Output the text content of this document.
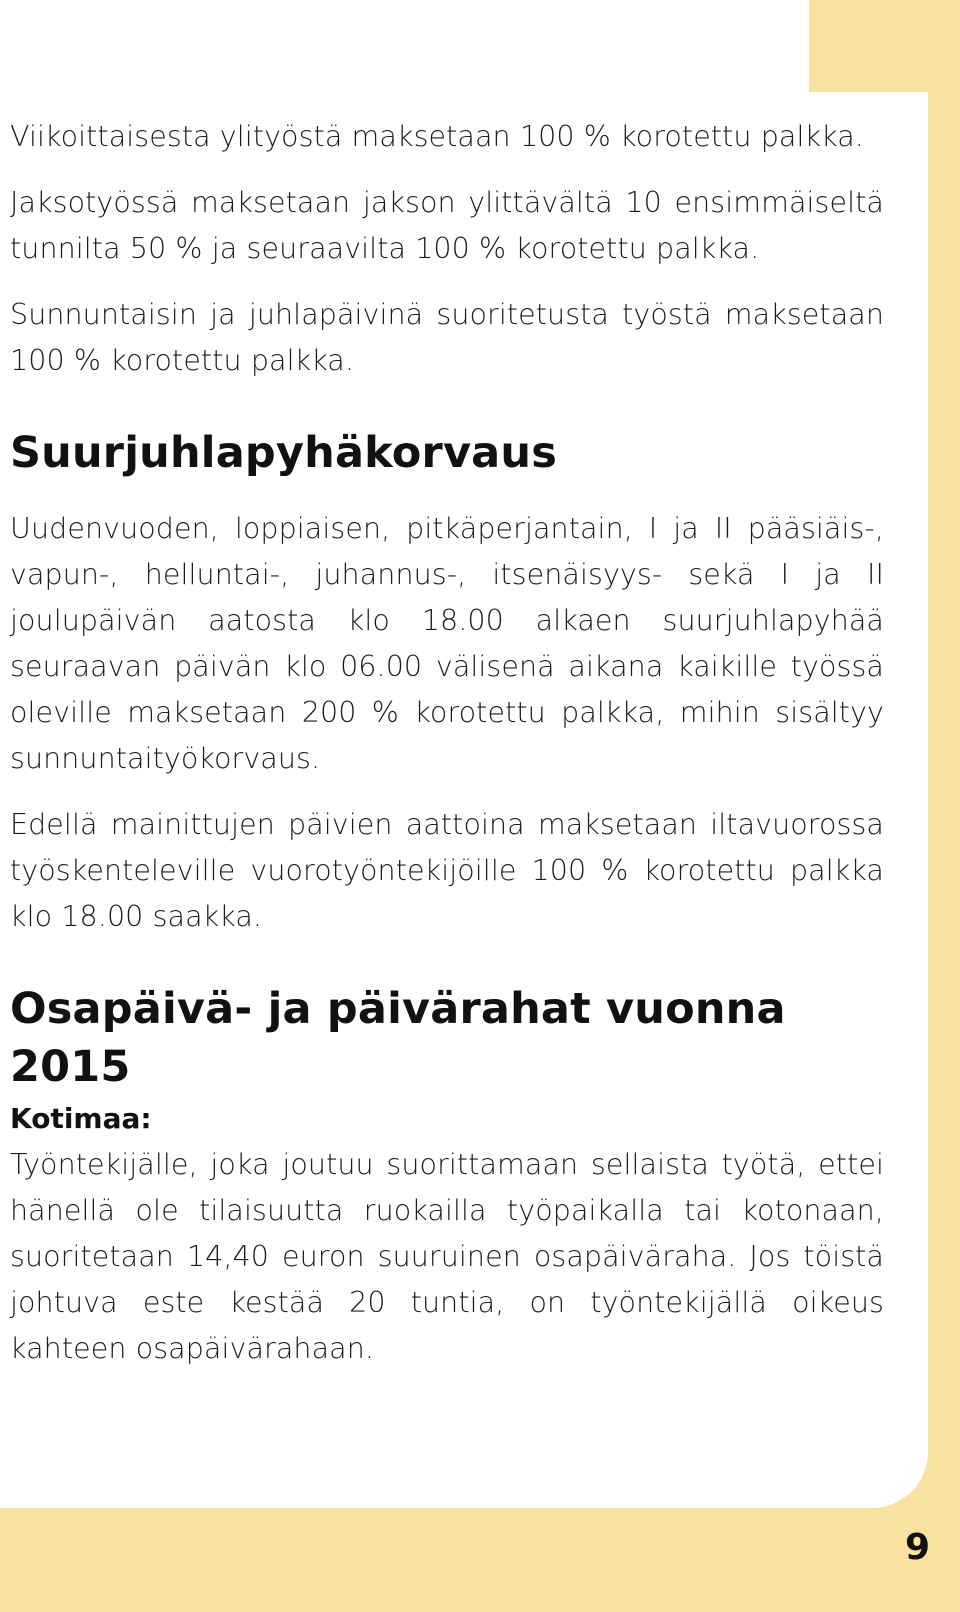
Viikoittaisesta ylityöstä maksetaan 100 % korotettu palkka.

Jaksotyössä maksetaan jakson ylittävältä 10 ensimmäiseltä tunnilta 50 % ja seuraavilta 100 % korotettu palkka.

Sunnuntaisin ja juhlapäivinä suoritetusta työstä maksetaan 100 % korotettu palkka.

Suurjuhlapyhäkorvaus

Uudenvuoden, loppiaisen, pitkäperjantain, I ja II pääsiäis-, vapun-, helluntai-, juhannus-, itsenäisyys- sekä I ja II joulupäivän aatosta klo 18.00 alkaen suurjuhlapyhää seuraavan päivän klo 06.00 välisenä aikana kaikille työssä oleville maksetaan 200 % korotettu palkka, mihin sisältyy sunnuntaityökorvaus.

Edellä mainittujen päivien aattoina maksetaan iltavuorossa työskenteleville vuorotyöntekijöille 100 % korotettu palkka klo 18.00 saakka.

Osapäivä- ja päivärahat vuonna 2015
Kotimaa:

Työntekijälle, joka joutuu suorittamaan sellaista työtä, ettei hänellä ole tilaisuutta ruokailla työpaikalla tai kotonaan, suoritetaan 14,40 euron suuruinen osapäiväraha. Jos töistä johtuva este kestää 20 tuntia, on työntekijällä oikeus kahteen osapäivärahaan.

9
